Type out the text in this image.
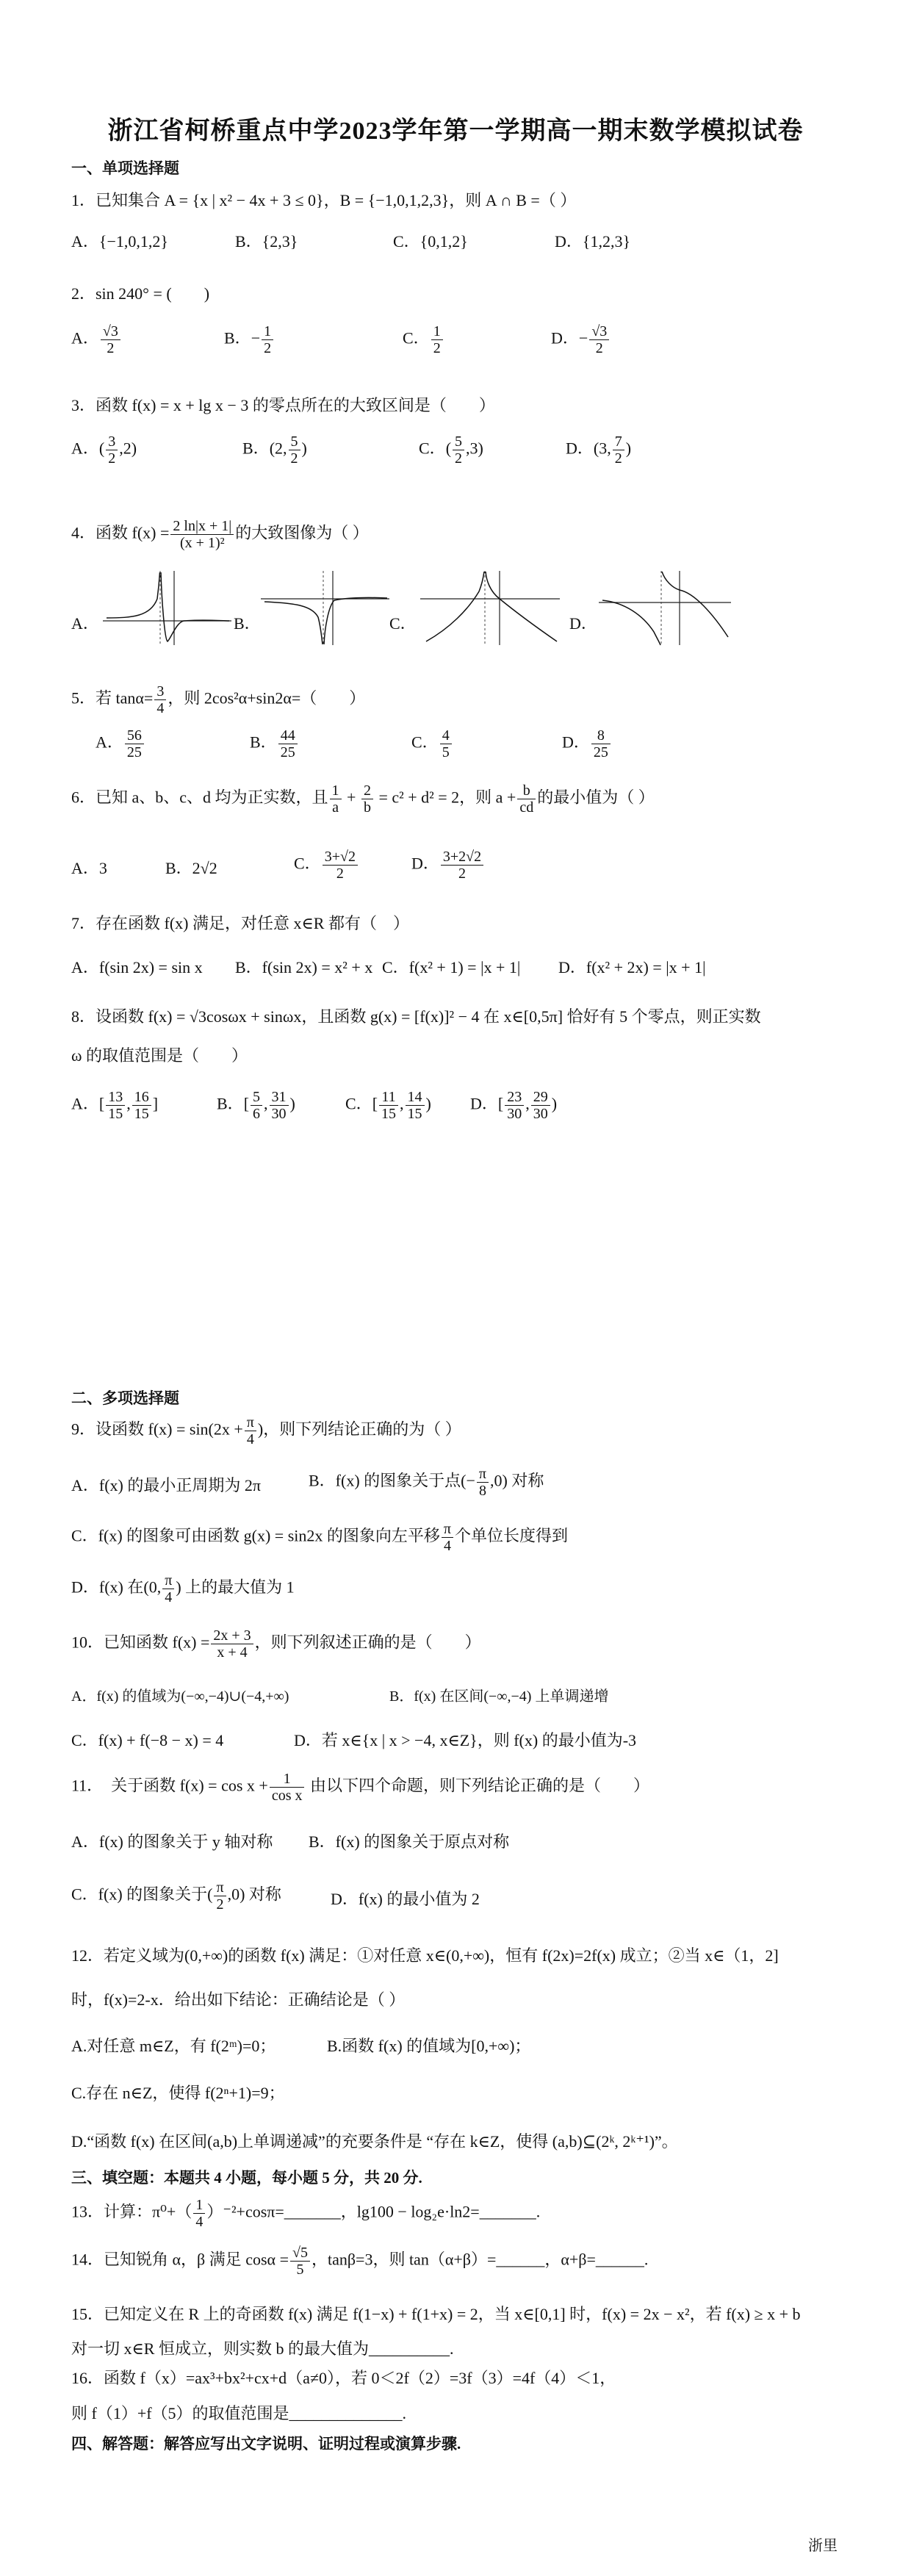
浙江省柯桥重点中学2023学年第一学期高一期末数学模拟试卷
一、单项选择题
1．已知集合 A = {x | x² − 4x + 3 ≤ 0}，B = {−1,0,1,2,3}，则 A ∩ B =（ ）
A．{−1,0,1,2}	B．{2,3}	C．{0,1,2}	D．{1,2,3}
2．sin 240° = (　　)
A． $\frac{√3}{2}$	B．− $\frac{1}{2}$	C． $\frac{1}{2}$	D．− $\frac{√3}{2}$
3．函数 f(x) = x + lg x − 3 的零点所在的大致区间是（　　）
A．( $\frac{3}{2} ,2$)	B．(2, $\frac{5}{2}$ )	C．( $\frac{5}{2} ,3$)	D．(3, $\frac{7}{2}$ )
4．函数 $f(x) = \frac{2 \ln|x + 1|}{\text{(x + 1)²}}$ 的大致图像为（ ）
A．	B．	C．	D．
5．若 $\tan\alpha= \frac{3}{4}$ ，则 2cos²α+sin2α=（　　）
A． $\frac{56}{25}$	B． $\frac{44}{25}$	C． $\frac{4}{5}$	D． $\frac{8}{25}$
6．已知 a、b、c、d 均为正实数，且 $\frac{1}{a} + \frac{2}{b} = c^2 + d^2 = 2$，则 $a + \frac{b}{cd}$ 的最小值为（ ）
A．3	B．2√2	C． $\frac{3+√2}{2}$	D． $\frac{3+2√2}{2}$
7．存在函数 f(x) 满足，对任意 x∈R 都有（　）
A．f(sin 2x) = sin x B．f(sin 2x) = x² + x C．f(x² + 1) = |x + 1| D．f(x² + 2x) = |x + 1|
8．设函数 f(x) = √3cosωx + sinωx，且函数 g(x) = [f(x)]² − 4 在 x∈[0,5π] 恰好有 5 个零点，则正实数
ω 的取值范围是（　　）
A．[ $\frac{13}{15}$ , $\frac{16}{15}$ ]	B．[ $\frac{5}{6}$ , $\frac{31}{30}$ )	C．[ $\frac{11}{15}$ , $\frac{14}{15}$ ) D．[ $\frac{23}{30}$ , $\frac{29}{30}$ )
二、多项选择题
9．设函数 $f(x) = \sin(2x + \frac{\pi}{4}$ )，则下列结论正确的为（ ）
A．f(x) 的最小正周期为 2π	B．f(x) 的图象关于点(− $\frac{\pi}{8} ,0$) 对称
C．f(x) 的图象可由函数 g(x) = sin2x 的图象向左平移 $\frac{\pi}{4}$ 个单位长度得到
D．f(x) 在(0, $\frac{\pi}{4}$ ) 上的最大值为 1
10．已知函数 $f(x) = \frac{2x + 3}{x + 4}$ ，则下列叙述正确的是（　　）
A．f(x) 的值域为(−∞,−4)∪(−4,+∞)	B．f(x) 在区间(−∞,−4) 上单调递增
C．f(x) + f(−8 − x) = 4	D．若 x∈{x | x > −4, x∈Z}，则 f(x) 的最小值为-3
11．　关于函数 $f(x) = \cos x + \frac{1}{\text{cos x}}$ 由以下四个命题，则下列结论正确的是（　　）
A．f(x) 的图象关于 y 轴对称 B．f(x) 的图象关于原点对称
C．f(x) 的图象关于( $\frac{\pi}{2} ,0$) 对称	D．f(x) 的最小值为 2
12．若定义域为(0,+∞)的函数 f(x) 满足：①对任意 x∈(0,+∞)，恒有 f(2x)=2f(x) 成立；②当 x∈（1，2]
时，f(x)=2-x．给出如下结论：正确结论是（ ）
A.对任意 m∈Z，有 f(2ᵐ)=0；	B.函数 f(x) 的值域为[0,+∞)；
C.存在 n∈Z，使得 f(2ⁿ+1)=9；
D.“函数 f(x) 在区间(a,b)上单调递减”的充要条件是 “存在 k∈Z，使得 (a,b)⊆(2ᵏ, 2ᵏ⁺¹)”。
三、填空题：本题共 4 小题，每小题 5 分，共 20 分.
13．计算：$\pi^0+( \frac{1}{4}$ ）⁻²+cosπ=_______，lg100 − log₂e·ln2=_______.
14．已知锐角 α，β 满足 $\cos\alpha = \frac{√5}{5}$ ，tanβ=3，则 tan（α+β）=______，α+β=______.
15．已知定义在 R 上的奇函数 f(x) 满足 f(1−x) + f(1+x) = 2，当 x∈[0,1] 时，f(x) = 2x − x²，若 f(x) ≥ x + b
对一切 x∈R 恒成立，则实数 b 的最大值为__________.
16．函数 f（x）=ax³+bx²+cx+d（a≠0），若 0＜2f（2）=3f（3）=4f（4）＜1，
则 f（1）+f（5）的取值范围是______________.
四、解答题：解答应写出文字说明、证明过程或演算步骤.
浙里
